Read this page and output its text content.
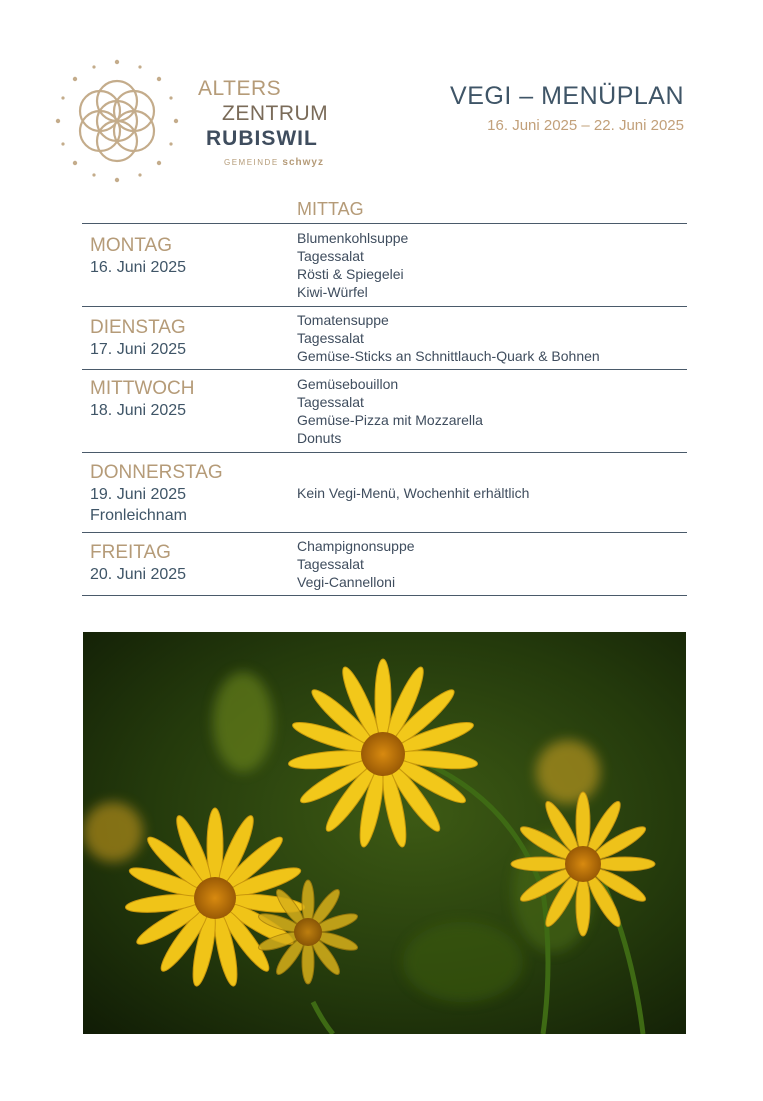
ALTERS
ZENTRUM
RUBISWIL
GEMEINDE schwyz
VEGI – MENÜPLAN
16. Juni 2025 – 22. Juni 2025
MITTAG
MONTAG
16. Juni 2025
Blumenkohlsuppe
Tagessalat
Rösti & Spiegelei
Kiwi-Würfel
DIENSTAG
17. Juni 2025
Tomatensuppe
Tagessalat
Gemüse-Sticks an Schnittlauch-Quark & Bohnen
MITTWOCH
18. Juni 2025
Gemüsebouillon
Tagessalat
Gemüse-Pizza mit Mozzarella
Donuts
DONNERSTAG
19. Juni 2025
Fronleichnam
Kein Vegi-Menü, Wochenhit erhältlich
FREITAG
20. Juni 2025
Champignonsuppe
Tagessalat
Vegi-Cannelloni
